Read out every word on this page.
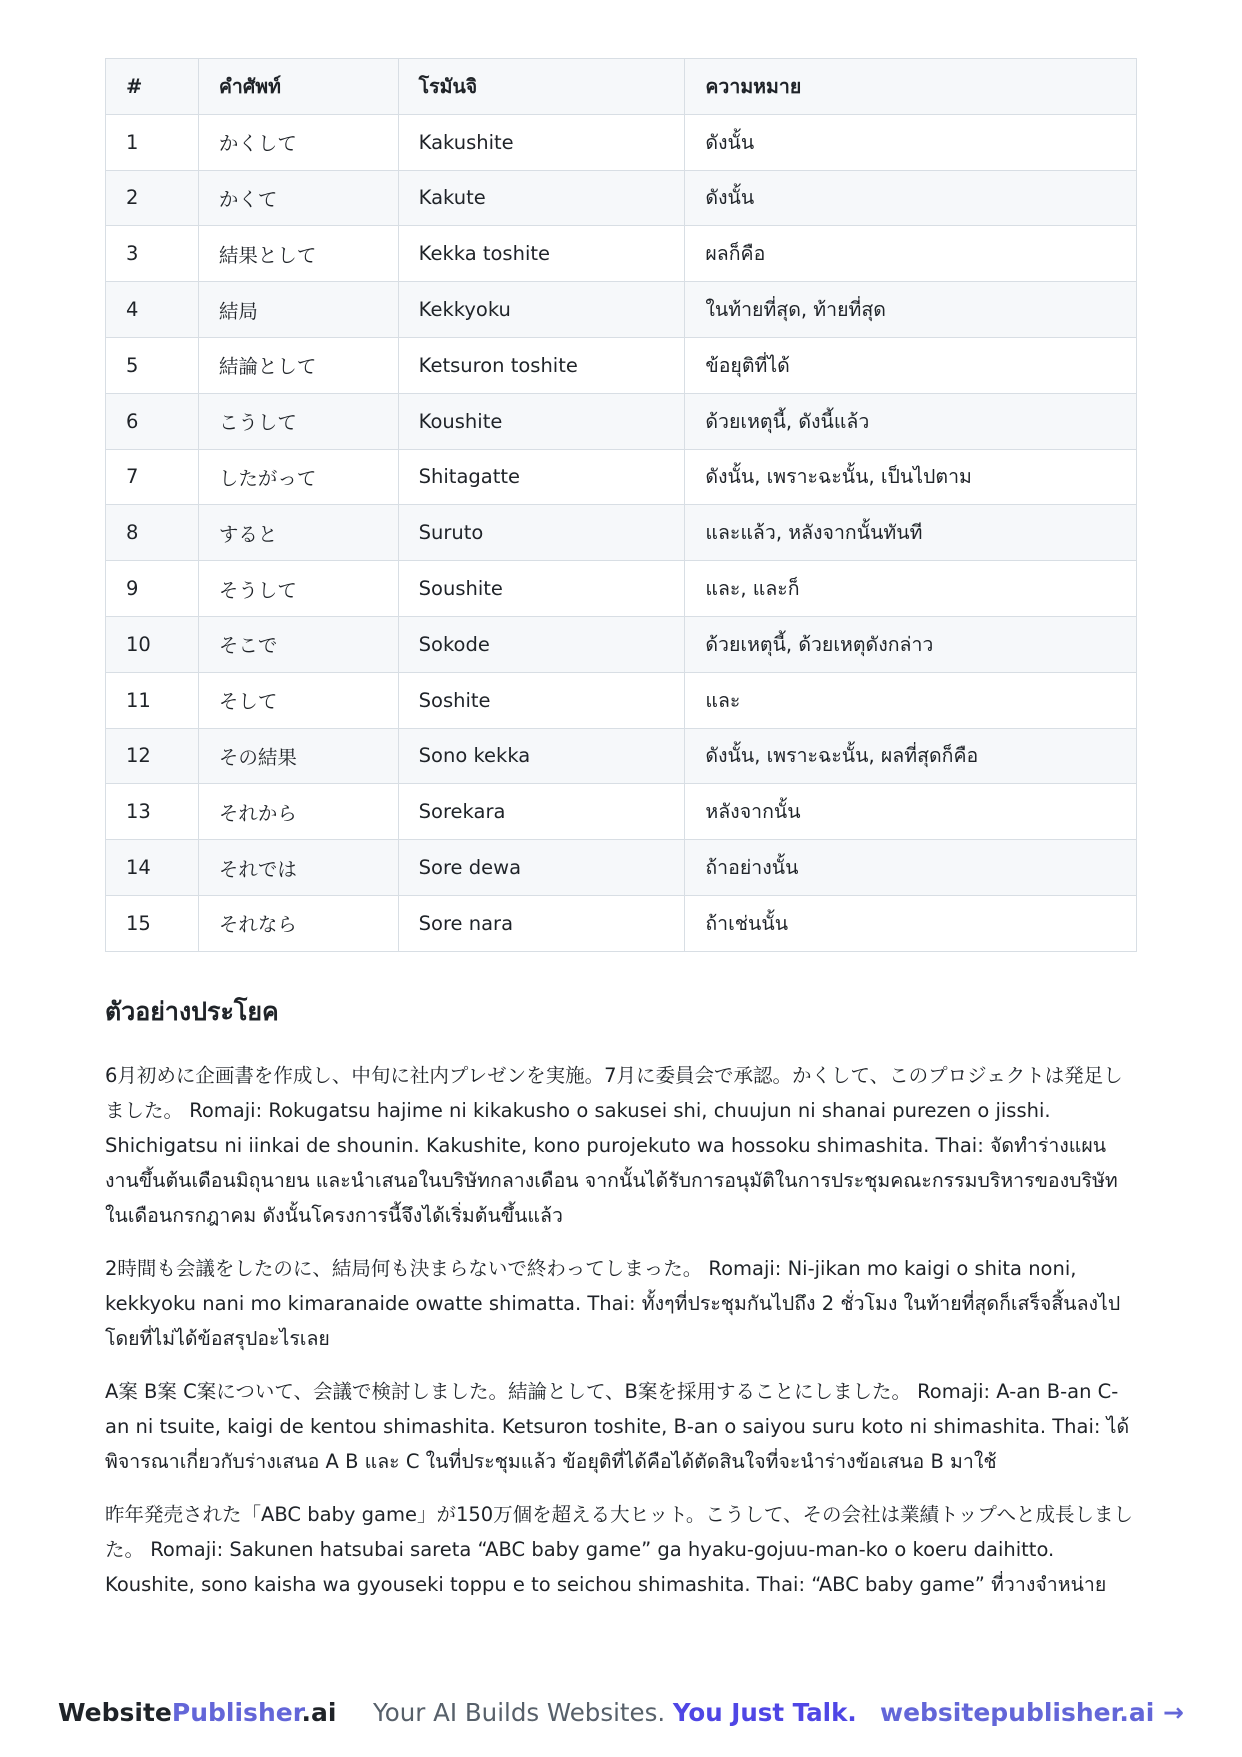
#	คำศัพท์	โรมันจิ	ความหมาย
1	かくして	Kakushite	ดังนั้น
2	かくて	Kakute	ดังนั้น
3	結果として	Kekka toshite	ผลก็คือ
4	結局	Kekkyoku	ในท้ายที่สุด, ท้ายที่สุด
5	結論として	Ketsuron toshite	ข้อยุติที่ได้
6	こうして	Koushite	ด้วยเหตุนี้, ดังนี้แล้ว
7	したがって	Shitagatte	ดังนั้น, เพราะฉะนั้น, เป็นไปตาม
8	すると	Suruto	และแล้ว, หลังจากนั้นทันที
9	そうして	Soushite	และ, และก็
10	そこで	Sokode	ด้วยเหตุนี้, ด้วยเหตุดังกล่าว
11	そして	Soshite	และ
12	その結果	Sono kekka	ดังนั้น, เพราะฉะนั้น, ผลที่สุดก็คือ
13	それから	Sorekara	หลังจากนั้น
14	それでは	Sore dewa	ถ้าอย่างนั้น
15	それなら	Sore nara	ถ้าเช่นนั้น
ตัวอย่างประโยค

6月初めに企画書を作成し、中旬に社内プレゼンを実施。7月に委員会で承認。かくして、このプロジェクトは発足しました。 Romaji: Rokugatsu hajime ni kikakusho o sakusei shi, chuujun ni shanai purezen o jisshi. Shichigatsu ni iinkai de shounin. Kakushite, kono purojekuto wa hossoku shimashita. Thai: จัดทำร่างแผนงานขึ้นต้นเดือนมิถุนายน และนำเสนอในบริษัทกลางเดือน จากนั้นได้รับการอนุมัติในการประชุมคณะกรรมบริหารของบริษัทในเดือนกรกฎาคม ดังนั้นโครงการนี้จึงได้เริ่มต้นขึ้นแล้ว

2時間も会議をしたのに、結局何も決まらないで終わってしまった。 Romaji: Ni-jikan mo kaigi o shita noni, kekkyoku nani mo kimaranaide owatte shimatta. Thai: ทั้งๆที่ประชุมกันไปถึง 2 ชั่วโมง ในท้ายที่สุดก็เสร็จสิ้นลงไป โดยที่ไม่ได้ข้อสรุปอะไรเลย

A案 B案 C案について、会議で検討しました。結論として、B案を採用することにしました。 Romaji: A-an B-an C-an ni tsuite, kaigi de kentou shimashita. Ketsuron toshite, B-an o saiyou suru koto ni shimashita. Thai: ได้พิจารณาเกี่ยวกับร่างเสนอ A B และ C ในที่ประชุมแล้ว ข้อยุติที่ได้คือได้ตัดสินใจที่จะนำร่างข้อเสนอ B มาใช้

昨年発売された「ABC baby game」が150万個を超える大ヒット。こうして、その会社は業績トップへと成長しました。 Romaji: Sakunen hatsubai sareta “ABC baby game” ga hyaku-gojuu-man-ko o koeru daihitto. Koushite, sono kaisha wa gyouseki toppu e to seichou shimashita. Thai: “ABC baby game” ที่วางจำหน่าย

WebsitePublisher.ai Your AI Builds Websites. You Just Talk. websitepublisher.ai →
